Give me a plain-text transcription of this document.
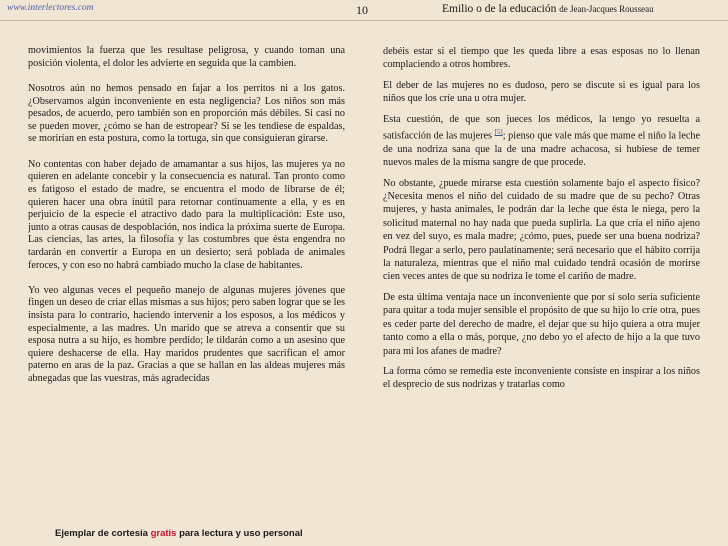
www.interlectores.com	10	Emilio o de la educación de Jean-Jacques Rousseau

movimientos la fuerza que les resultase peligrosa, y cuando toman una posición violenta, el dolor les advierte en seguida que la cambien.

Nosotros aún no hemos pensado en fajar a los perritos ni a los gatos. ¿Observamos algún inconveniente en esta negligencia? Los niños son más pesados, de acuerdo, pero también son en proporción más débiles. Si casi no se pueden mover, ¿cómo se han de estropear? Si se les tendiese de espaldas, se morirían en esta postura, como la tortuga, sin que consiguieran girarse.

No contentas con haber dejado de amamantar a sus hijos, las mujeres ya no quieren en adelante concebir y la consecuencia es natural. Tan pronto como es fatigoso el estado de madre, se encuentra el modo de librarse de él; quieren hacer una obra inútil para retornar continuamente a ella, y es en perjuicio de la especie el atractivo dado para la multiplicación: Este uso, junto a otras causas de despoblación, nos indica la próxima suerte de Europa. Las ciencias, las artes, la filosofía y las costumbres que ésta engendra no tardarán en convertir a Europa en un desierto; será poblada de animales feroces, y con eso no habrá cambiado mucho la clase de habitantes.

Yo veo algunas veces el pequeño manejo de algunas mujeres jóvenes que fingen un deseo de criar ellas mismas a sus hijos; pero saben lograr que se les insista para lo contrario, haciendo intervenir a los esposos, a los médicos y especialmente, a las madres. Un marido que se atreva a consentir que su esposa nutra a su hijo, es hombre perdido; le tildarán como a un asesino que quiere deshacerse de ella. Hay maridos prudentes que sacrifican el amor paterno en aras de la paz. Gracias a que se hallan en las aldeas mujeres más abnegadas que las vuestras, más agradecidas

debéis estar si el tiempo que les queda libre a esas esposas no lo llenan complaciendo a otros hombres.

El deber de las mujeres no es dudoso, pero se discute si es igual para los niños que los críe una u otra mujer.

Esta cuestión, de que son jueces los médicos, la tengo yo resuelta a satisfacción de las mujeres [5]; pienso que vale más que mame el niño la leche de una nodriza sana que la de una madre achacosa, si hubiese de temer nuevos males de la misma sangre de que procede.

No obstante, ¿puede mirarse esta cuestión solamente bajo el aspecto físico? ¿Necesita menos el niño del cuidado de su madre que de su pecho? Otras mujeres, y hasta animales, le podrán dar la leche que ésta le niega, pero la solicitud maternal no hay nada que pueda suplirla. La que cría el niño ajeno en vez del suyo, es mala madre; ¿cómo, pues, puede ser una buena nodriza? Podrá llegar a serlo, pero paulatinamente; será necesario que el hábito corrija la naturaleza, mientras que el niño mal cuidado tendrá ocasión de morirse cien veces antes de que su nodriza le tome el cariño de madre.

De esta última ventaja nace un inconveniente que por sí solo sería suficiente para quitar a toda mujer sensible el propósito de que su hijo lo críe otra, pues es ceder parte del derecho de madre, el dejar que su hijo quiera a otra mujer tanto como a ella o más, porque, ¿no debo yo el afecto de hijo a la que tuvo para mí los afanes de madre?

La forma cómo se remedia este inconveniente consiste en inspirar a los niños el desprecio de sus nodrizas y tratarlas como

Ejemplar de cortesía gratis para lectura y uso personal
